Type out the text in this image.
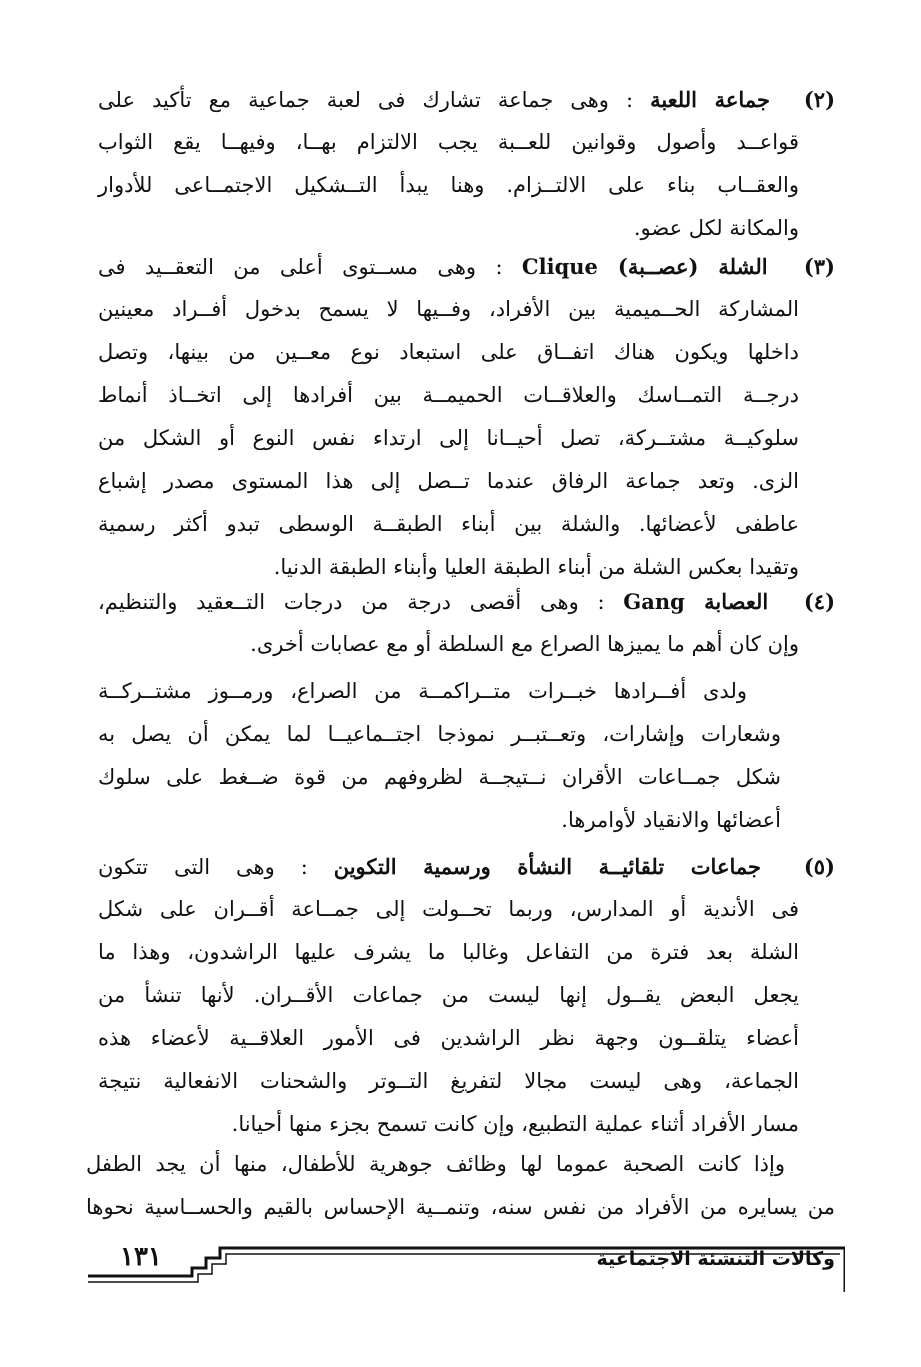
(٢) جماعة اللعبة : وهى جماعة تشارك فى لعبة جماعية مع تأكيد على
قواعــد وأصول وقوانين للعــبة يجب الالتزام بهــا، وفيهــا يقع الثواب
والعقــاب بناء على الالتــزام. وهنا يبدأ التــشكيل الاجتمــاعى للأدوار
والمكانة لكل عضو.
(٣) الشلة (عصــبة) Clique : وهى مســتوى أعلى من التعقــيد فى
المشاركة الحــميمية بين الأفراد، وفــيها لا يسمح بدخول أفــراد معينين
داخلها ويكون هناك اتفــاق على استبعاد نوع معــين من بينها، وتصل
درجــة التمــاسك والعلاقــات الحميمــة بين أفرادها إلى اتخــاذ أنماط
سلوكيــة مشتــركة، تصل أحيــانا إلى ارتداء نفس النوع أو الشكل من
الزى. وتعد جماعة الرفاق عندما تــصل إلى هذا المستوى مصدر إشباع
عاطفى لأعضائها. والشلة بين أبناء الطبقــة الوسطى تبدو أكثر رسمية
وتقيدا بعكس الشلة من أبناء الطبقة العليا وأبناء الطبقة الدنيا.
(٤) العصابة Gang : وهى أقصى درجة من درجات التــعقيد والتنظيم،
وإن كان أهم ما يميزها الصراع مع السلطة أو مع عصابات أخرى.
ولدى أفــرادها خبــرات متــراكمــة من الصراع، ورمــوز مشتــركــة
وشعارات وإشارات، وتعــتبــر نموذجا اجتــماعيــا لما يمكن أن يصل به
شكل جمــاعات الأقران نــتيجــة لظروفهم من قوة ضــغط على سلوك
أعضائها والانقياد لأوامرها.
(٥) جماعات تلقائيــة النشأة ورسمية التكوين : وهى التى تتكون
فى الأندية أو المدارس، وربما تحــولت إلى جمــاعة أقــران على شكل
الشلة بعد فترة من التفاعل وغالبا ما يشرف عليها الراشدون، وهذا ما
يجعل البعض يقــول إنها ليست من جماعات الأقــران. لأنها تنشأ من
أعضاء يتلقــون وجهة نظر الراشدين فى الأمور العلاقــية لأعضاء هذه
الجماعة، وهى ليست مجالا لتفريغ التــوتر والشحنات الانفعالية نتيجة
مسار الأفراد أثناء عملية التطبيع، وإن كانت تسمح بجزء منها أحيانا.
وإذا كانت الصحبة عموما لها وظائف جوهرية للأطفال، منها أن يجد الطفل
من يسايره من الأفراد من نفس سنه، وتنمــية الإحساس بالقيم والحســاسية نحوها
١٣١	وكالات التنشئة الاجتماعية
